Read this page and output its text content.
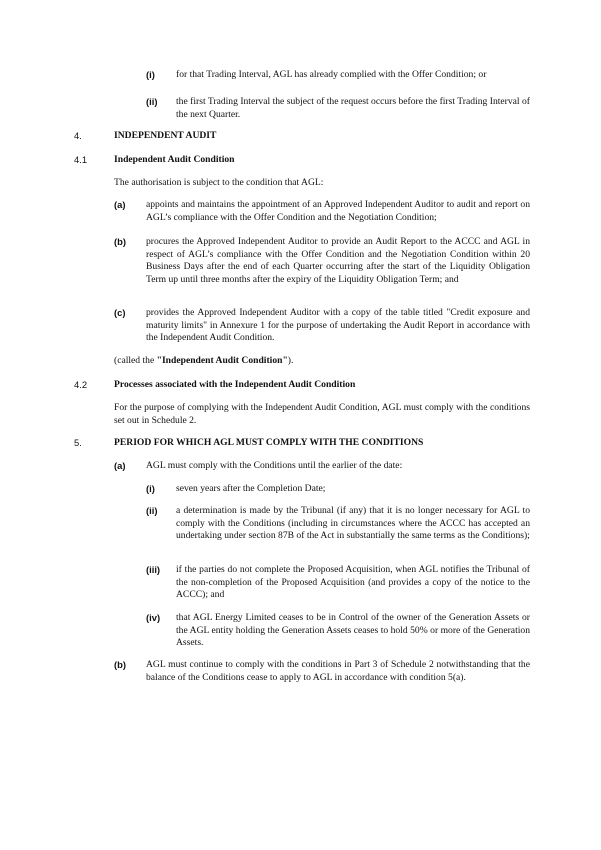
(i) for that Trading Interval, AGL has already complied with the Offer Condition; or

(ii) the first Trading Interval the subject of the request occurs before the first Trading Interval of the next Quarter.

4.	INDEPENDENT AUDIT
4.1	Independent Audit Condition

The authorisation is subject to the condition that AGL:

(a) appoints and maintains the appointment of an Approved Independent Auditor to audit and report on AGL’s compliance with the Offer Condition and the Negotiation Condition;

(b) procures the Approved Independent Auditor to provide an Audit Report to the ACCC and AGL in respect of AGL’s compliance with the Offer Condition and the Negotiation Condition within 20 Business Days after the end of each Quarter occurring after the start of the Liquidity Obligation Term up until three months after the expiry of the Liquidity Obligation Term; and

(c) provides the Approved Independent Auditor with a copy of the table titled "Credit exposure and maturity limits" in Annexure 1 for the purpose of undertaking the Audit Report in accordance with the Independent Audit Condition.

(called the "Independent Audit Condition").

4.2	Processes associated with the Independent Audit Condition

For the purpose of complying with the Independent Audit Condition, AGL must comply with the conditions set out in Schedule 2.

5.	PERIOD FOR WHICH AGL MUST COMPLY WITH THE CONDITIONS
(a) AGL must comply with the Conditions until the earlier of the date:

(i) seven years after the Completion Date;

(ii) a determination is made by the Tribunal (if any) that it is no longer necessary for AGL to comply with the Conditions (including in circumstances where the ACCC has accepted an undertaking under section 87B of the Act in substantially the same terms as the Conditions);

(iii) if the parties do not complete the Proposed Acquisition, when AGL notifies the Tribunal of the non-completion of the Proposed Acquisition (and provides a copy of the notice to the ACCC); and

(iv) that AGL Energy Limited ceases to be in Control of the owner of the Generation Assets or the AGL entity holding the Generation Assets ceases to hold 50% or more of the Generation Assets.

(b) AGL must continue to comply with the conditions in Part 3 of Schedule 2 notwithstanding that the balance of the Conditions cease to apply to AGL in accordance with condition 5(a).
